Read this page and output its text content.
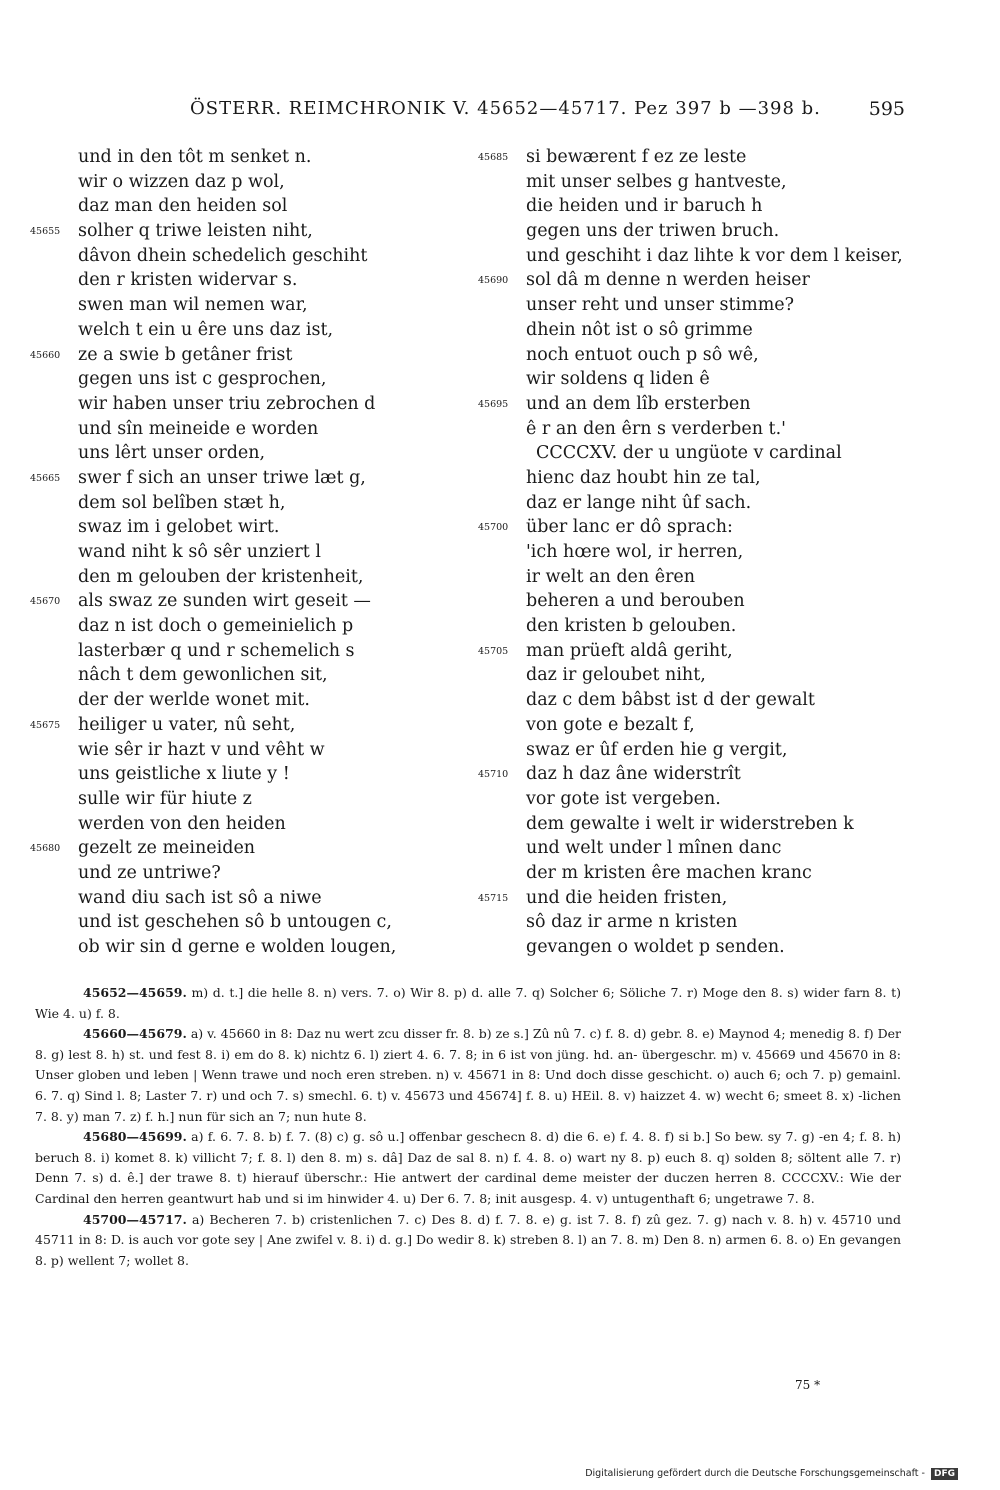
ÖSTERR. REIMCHRONIK V. 45652—45717. Pez 397 b —398 b.	595
und in den tôt m senket n.
wir o wizzen daz p wol,
daz man den heiden sol
45655	solher q triwe leisten niht,
dâvon dhein schedelich geschiht
den r kristen widervar s.
swen man wil nemen war,
welch t ein u êre uns daz ist,
45660	ze a swie b getâner frist
gegen uns ist c gesprochen,
wir haben unser triu zebrochen d
und sîn meineide e worden
uns lêrt unser orden,
45665	swer f sich an unser triwe læt g,
dem sol belîben stæt h,
swaz im i gelobet wirt.
wand niht k sô sêr unziert l
den m gelouben der kristenheit,
45670	als swaz ze sunden wirt geseit —
daz n ist doch o gemeinielich p
lasterbær q und r schemelich s
nâch t dem gewonlichen sit,
der der werlde wonet mit.
45675	heiliger u vater, nû seht,
wie sêr ir hazt v und vêht w
uns geistliche x liute y !
sulle wir für hiute z
werden von den heiden
45680	gezelt ze meineiden
und ze untriwe?
wand diu sach ist sô a niwe
und ist geschehen sô b untougen c,
ob wir sin d gerne e wolden lougen,
45685	si bewærent f ez ze leste
mit unser selbes g hantveste,
die heiden und ir baruch h
gegen uns der triwen bruch.
und geschiht i daz lihte k vor dem l keiser,
45690	sol dâ m denne n werden heiser
unser reht und unser stimme?
dhein nôt ist o sô grimme
noch entuot ouch p sô wê,
wir soldens q liden ê
45695	und an dem lîb ersterben
ê r an den êrn s verderben t.'
CCCCXV. der u ungüote v cardinal
hienc daz houbt hin ze tal,
daz er lange niht ûf sach.
45700	über lanc er dô sprach:
'ich hœre wol, ir herren,
ir welt an den êren
beheren a und berouben
den kristen b gelouben.
45705	man prüeft aldâ geriht,
daz ir geloubet niht,
daz c dem bâbst ist d der gewalt
von gote e bezalt f,
swaz er ûf erden hie g vergit,
45710	daz h daz âne widerstrît
vor gote ist vergeben.
dem gewalte i welt ir widerstreben k
und welt under l mînen danc
der m kristen êre machen kranc
45715	und die heiden fristen,
sô daz ir arme n kristen
gevangen o woldet p senden.

45652—45659. m) d. t.] die helle 8. n) vers. 7. o) Wir 8. p) d. alle 7. q) Solcher 6; Söliche 7. r) Moge den 8. s) wider farn 8. t) Wie 4. u) f. 8.

45660—45679. a) v. 45660 in 8: Daz nu wert zcu disser fr. 8. b) ze s.] Zû nû 7. c) f. 8. d) gebr. 8. e) Maynod 4; menedig 8. f) Der 8. g) lest 8. h) st. und fest 8. i) em do 8. k) nichtz 6. l) ziert 4. 6. 7. 8; in 6 ist von jüng. hd. an- übergeschr. m) v. 45669 und 45670 in 8: Unser globen und leben | Wenn trawe und noch eren streben. n) v. 45671 in 8: Und doch disse geschicht. o) auch 6; och 7. p) gemainl. 6. 7. q) Sind l. 8; Laster 7. r) und och 7. s) smechl. 6. t) v. 45673 und 45674] f. 8. u) HEil. 8. v) haizzet 4. w) wecht 6; smeet 8. x) -lichen 7. 8. y) man 7. z) f. h.] nun für sich an 7; nun hute 8.

45680—45699. a) f. 6. 7. 8. b) f. 7. (8) c) g. sô u.] offenbar geschecn 8. d) die 6. e) f. 4. 8. f) si b.] So bew. sy 7. g) -en 4; f. 8. h) beruch 8. i) komet 8. k) villicht 7; f. 8. l) den 8. m) s. dâ] Daz de sal 8. n) f. 4. 8. o) wart ny 8. p) euch 8. q) solden 8; söltent alle 7. r) Denn 7. s) d. ê.] der trawe 8. t) hierauf überschr.: Hie antwert der cardinal deme meister der duczen herren 8. CCCCXV.: Wie der Cardinal den herren geantwurt hab und si im hinwider 4. u) Der 6. 7. 8; init ausgesp. 4. v) untugenthaft 6; ungetrawe 7. 8.

45700—45717. a) Becheren 7. b) cristenlichen 7. c) Des 8. d) f. 7. 8. e) g. ist 7. 8. f) zû gez. 7. g) nach v. 8. h) v. 45710 und 45711 in 8: D. is auch vor gote sey | Ane zwifel v. 8. i) d. g.] Do wedir 8. k) streben 8. l) an 7. 8. m) Den 8. n) armen 6. 8. o) En gevangen 8. p) wellent 7; wollet 8.

75 *
Digitalisierung gefördert durch die Deutsche Forschungsgemeinschaft - DFG
